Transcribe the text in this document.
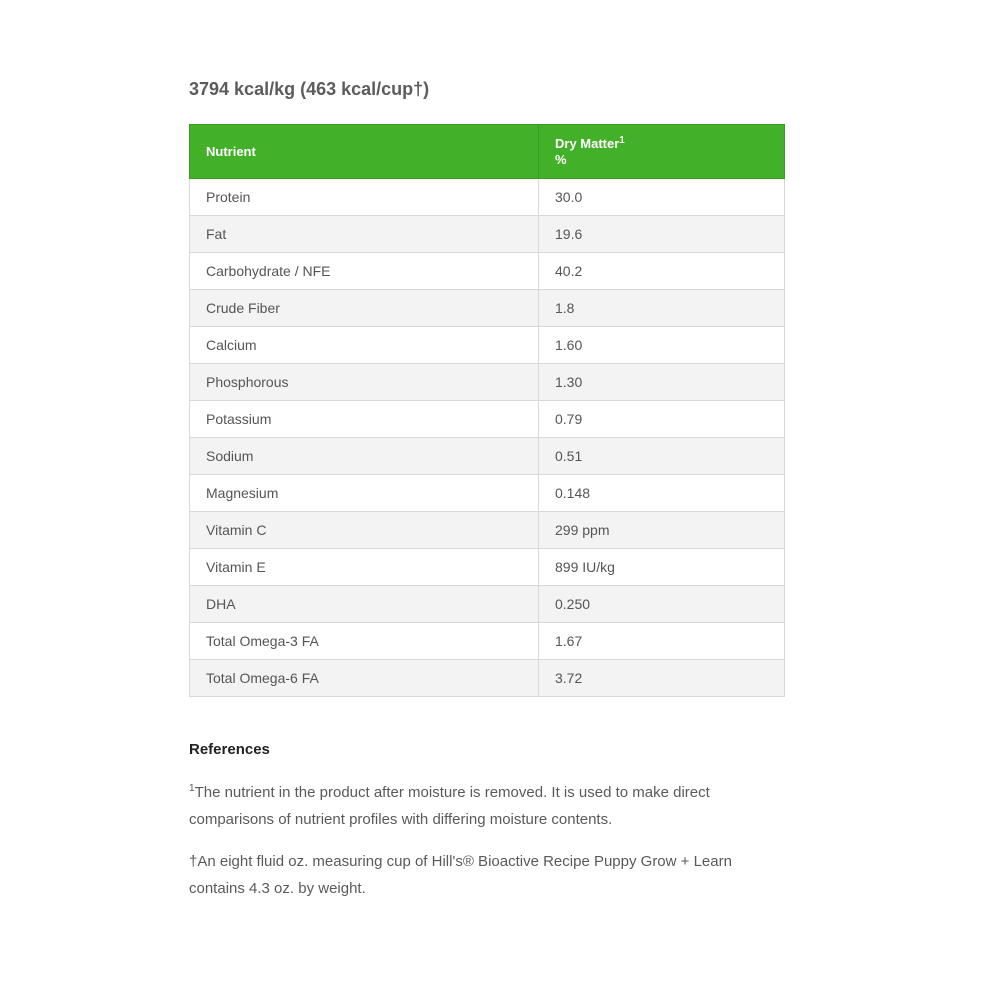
3794 kcal/kg (463 kcal/cup†)
Nutrient	Dry Matter$^1$
%
Protein	30.0
Fat	19.6
Carbohydrate / NFE	40.2
Crude Fiber	1.8
Calcium	1.60
Phosphorous	1.30
Potassium	0.79
Sodium	0.51
Magnesium	0.148
Vitamin C	299 ppm
Vitamin E	899 IU/kg
DHA	0.250
Total Omega-3 FA	1.67
Total Omega-6 FA	3.72
References

$^1$The nutrient in the product after moisture is removed. It is used to make direct comparisons of nutrient profiles with differing moisture contents.

†An eight fluid oz. measuring cup of Hill's® Bioactive Recipe Puppy Grow + Learn contains 4.3 oz. by weight.
